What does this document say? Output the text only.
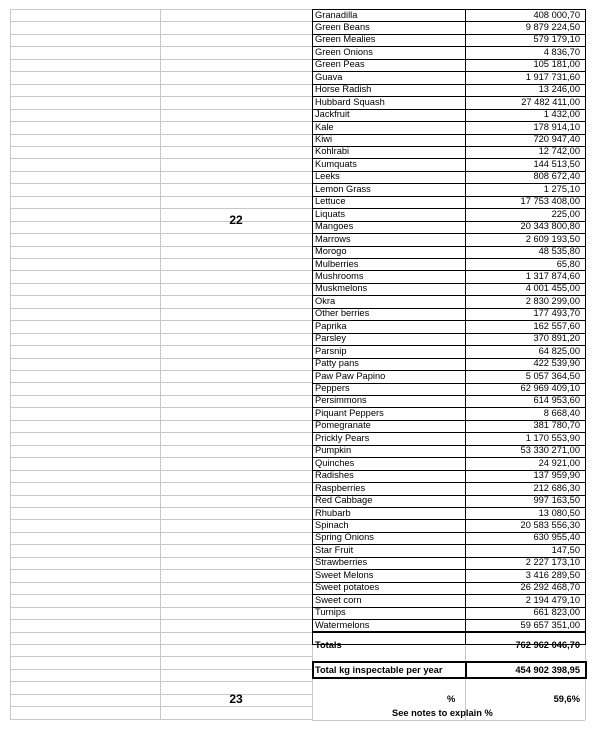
Granadilla	408 000,70
Green Beans	9 879 224,50
Green Mealies	579 179,10
Green Onions	4 836,70
Green Peas	105 181,00
Guava	1 917 731,60
Horse Radish	13 246,00
Hubbard Squash	27 482 411,00
Jackfruit	1 432,00
Kale	178 914,10
Kiwi	720 947,40
Kohlrabi	12 742,00
Kumquats	144 513,50
Leeks	808 672,40
Lemon Grass	1 275,10
Lettuce	17 753 408,00
Liquats	225,00
Mangoes	20 343 800,80
Marrows	2 609 193,50
Morogo	48 535,80
Mulberries	65,80
Mushrooms	1 317 874,60
Muskmelons	4 001 455,00
Okra	2 830 299,00
Other berries	177 493,70
Paprika	162 557,60
Parsley	370 891,20
Parsnip	64 825,00
Patty pans	422 539,90
Paw Paw Papino	5 057 364,50
Peppers	62 969 409,10
Persimmons	614 953,60
Piquant Peppers	8 668,40
Pomegranate	381 780,70
Prickly Pears	1 170 553,90
Pumpkin	53 330 271,00
Quinches	24 921,00
Radishes	137 959,90
Raspberries	212 686,30
Red Cabbage	997 163,50
Rhubarb	13 080,50
Spinach	20 583 556,30
Spring Onions	630 955,40
Star Fruit	147,50
Strawberries	2 227 173,10
Sweet Melons	3 416 289,50
Sweet potatoes	26 292 468,70
Sweet corn	2 194 479,10
Turnips	661 823,00
Watermelons	59 657 351,00
22
23
Totals	762 962 046,70
Total kg inspectable per year	454 902 398,95
%	59,6%
See notes to explain %
